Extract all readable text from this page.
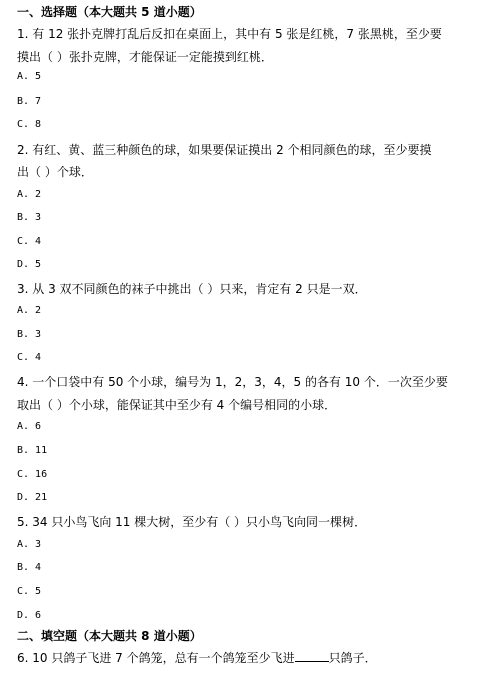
一、选择题（本大题共 5 道小题）
1. 有 12 张扑克牌打乱后反扣在桌面上，其中有 5 张是红桃，7 张黑桃，至少要
摸出（ ）张扑克牌，才能保证一定能摸到红桃．
A. 5
B. 7
C. 8
2. 有红、黄、蓝三种颜色的球，如果要保证摸出 2 个相同颜色的球，至少要摸
出（ ）个球．
A. 2
B. 3
C. 4
D. 5
3. 从 3 双不同颜色的袜子中挑出（ ）只来，肯定有 2 只是一双．
A. 2
B. 3
C. 4
4. 一个口袋中有 50 个小球，编号为 1，2，3，4，5 的各有 10 个．一次至少要
取出（ ）个小球，能保证其中至少有 4 个编号相同的小球．
A. 6
B. 11
C. 16
D. 21
5. 34 只小鸟飞向 11 棵大树，至少有（ ）只小鸟飞向同一棵树．
A. 3
B. 4
C. 5
D. 6
二、填空题（本大题共 8 道小题）
6. 10 只鸽子飞进 7 个鸽笼，总有一个鸽笼至少飞进	只鸽子．
